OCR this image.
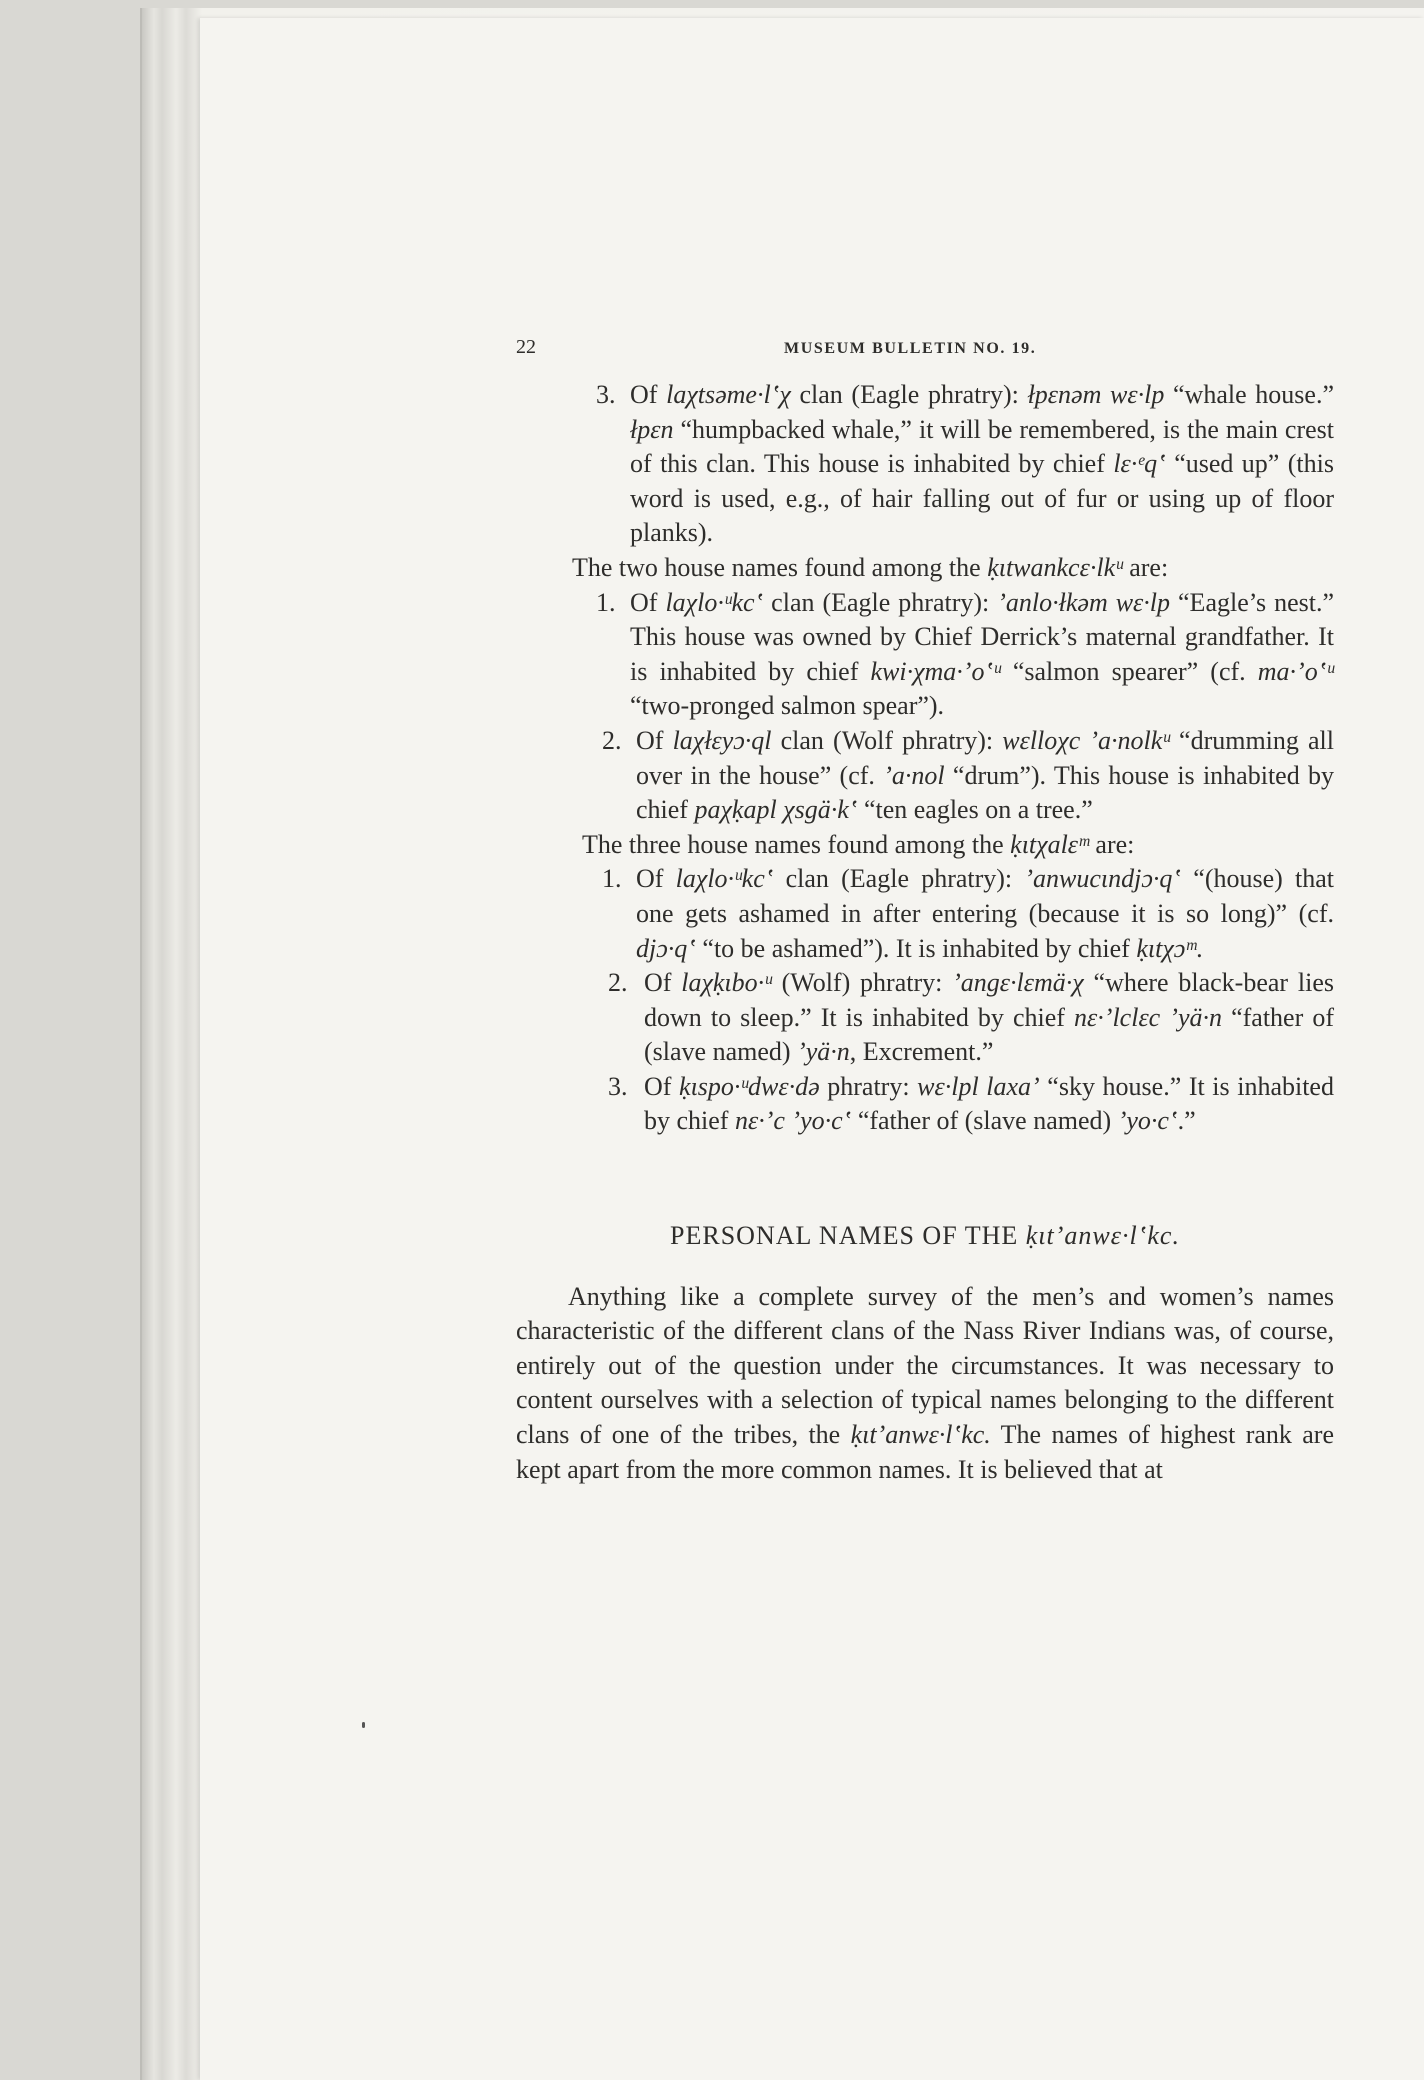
22	MUSEUM BULLETIN NO. 19.
3. Of laχtsəme·lʽχ clan (Eagle phratry): ł‌pɛnəm wɛ·lp “whale house.” ł‌pɛn “humpbacked whale,” it will be remembered, is the main crest of this clan. This house is inhabited by chief lɛ·ᵉqʽ “used up” (this word is used, e.g., of hair falling out of fur or using up of floor planks).
The two house names found among the ḳɩtwankcɛ·lkᵘ are:
1. Of laχlo·ᵘkcʽ clan (Eagle phratry): ʼanlo·łkəm wɛ·lp “Eagle’s nest.” This house was owned by Chief Derrick’s maternal grandfather. It is inhabited by chief kwi·χma·ʼoʽᵘ “salmon spearer” (cf. ma·ʼoʽᵘ “two-pronged salmon spear”).
2. Of laχłɛyɔ·ql clan (Wolf phratry): wɛlloχc ʼa·nolkᵘ “drumming all over in the house” (cf. ʼa·nol “drum”). This house is inhabited by chief paχḳapl χsgä·kʽ “ten eagles on a tree.”
The three house names found among the ḳɩtχalɛᵐ are:
1. Of laχlo·ᵘkcʽ clan (Eagle phratry): ʼanwucɩndjɔ·qʽ “(house) that one gets ashamed in after entering (because it is so long)” (cf. djɔ·qʽ “to be ashamed”). It is inhabited by chief ḳɩtχɔᵐ.
2. Of laχḳɩbo·ᵘ (Wolf) phratry: ʼangɛ·lɛmä·χ “where black-bear lies down to sleep.” It is inhabited by chief nɛ·ʼlclɛc ʼyä·n “father of (slave named) ʼyä·n, Excrement.”
3. Of ḳɩspo·ᵘdwɛ·də phratry: wɛ·lpl laxaʼ “sky house.” It is inhabited by chief nɛ·ʼc ʼyo·cʽ “father of (slave named) ʼyo·cʽ.”
PERSONAL NAMES OF THE ḳɩtʼanwɛ·lʽkc.
Anything like a complete survey of the men’s and women’s names characteristic of the different clans of the Nass River Indians was, of course, entirely out of the question under the circumstances. It was necessary to content ourselves with a selection of typical names belonging to the different clans of one of the tribes, the ḳɩtʼanwɛ·lʽkc. The names of highest rank are kept apart from the more common names. It is believed that at
